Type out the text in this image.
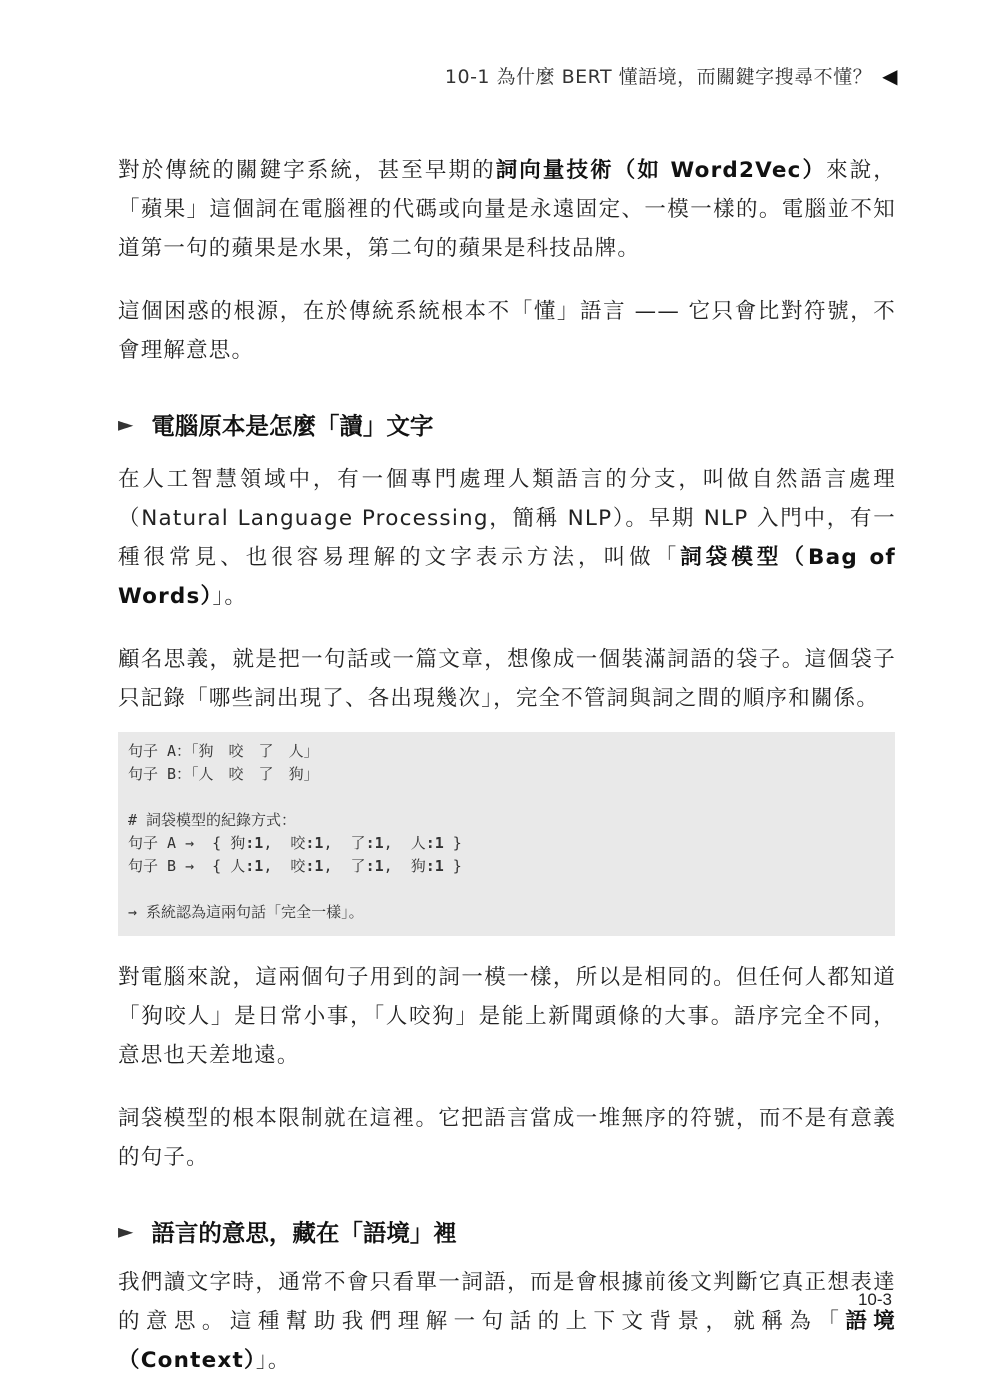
10-1 為什麼 BERT 懂語境，而關鍵字搜尋不懂？ ◀

對於傳統的關鍵字系統，甚至早期的詞向量技術（如 Word2Vec）來說，「蘋果」這個詞在電腦裡的代碼或向量是永遠固定、一模一樣的。電腦並不知道第一句的蘋果是水果，第二句的蘋果是科技品牌。

這個困惑的根源，在於傳統系統根本不「懂」語言 —— 它只會比對符號，不會理解意思。

► 電腦原本是怎麼「讀」文字

在人工智慧領域中，有一個專門處理人類語言的分支，叫做自然語言處理（Natural Language Processing，簡稱 NLP）。早期 NLP 入門中，有一種很常見、也很容易理解的文字表示方法，叫做「詞袋模型（Bag of Words）」。

顧名思義，就是把一句話或一篇文章，想像成一個裝滿詞語的袋子。這個袋子只記錄「哪些詞出現了、各出現幾次」，完全不管詞與詞之間的順序和關係。

句子 A：「狗　咬　了　人」
句子 B：「人　咬　了　狗」
# 詞袋模型的紀錄方式：
句子 A →  { 狗:1,  咬:1,  了:1,  人:1 }
句子 B →  { 人:1,  咬:1,  了:1,  狗:1 }
→ 系統認為這兩句話「完全一樣」。

對電腦來說，這兩個句子用到的詞一模一樣，所以是相同的。但任何人都知道「狗咬人」是日常小事，「人咬狗」是能上新聞頭條的大事。語序完全不同，意思也天差地遠。

詞袋模型的根本限制就在這裡。它把語言當成一堆無序的符號，而不是有意義的句子。

► 語言的意思，藏在「語境」裡

我們讀文字時，通常不會只看單一詞語，而是會根據前後文判斷它真正想表達的意思。這種幫助我們理解一句話的上下文背景，就稱為「語境（Context）」。

10-3
